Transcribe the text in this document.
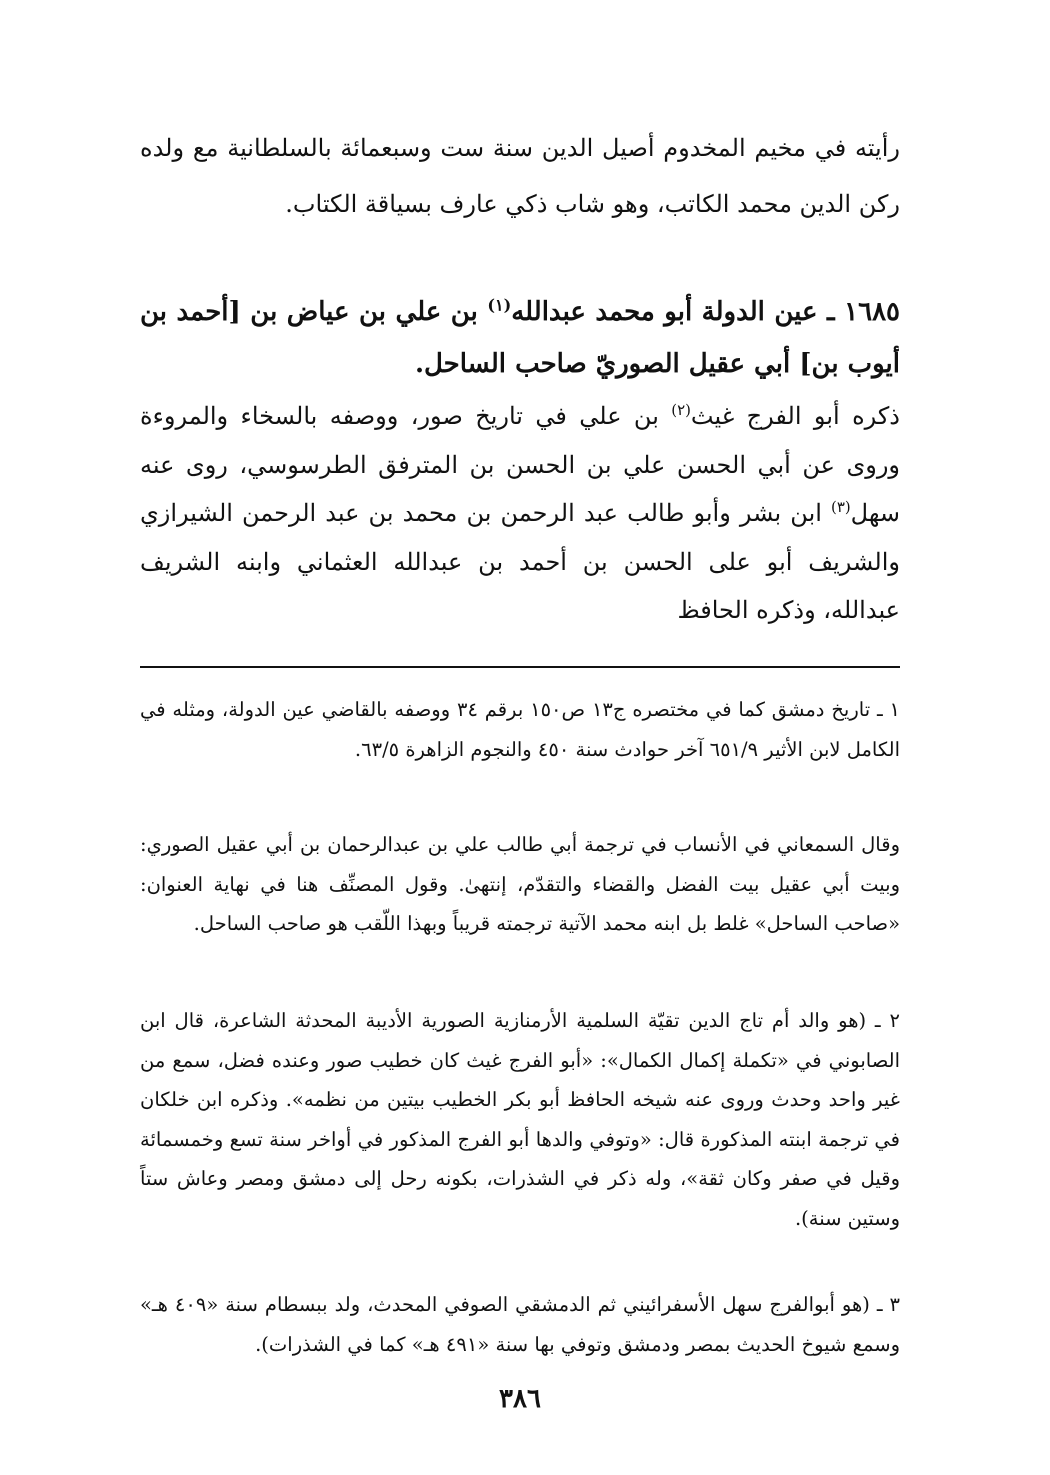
رأيته في مخيم المخدوم أصيل الدين سنة ست وسبعمائة بالسلطانية مع ولده ركن الدين محمد الكاتب، وهو شاب ذكي عارف بسياقة الكتاب.

١٦٨٥ ـ عين الدولة أبو محمد عبدالله$^{(١)}$ بن علي بن عياض بن [أحمد بن أيوب بن] أبي عقيل الصوريّ صاحب الساحل.

ذكره أبو الفرج غيث$^{(٢)}$ بن علي في تاريخ صور، ووصفه بالسخاء والمروءة وروى عن أبي الحسن علي بن الحسن بن المترفق الطرسوسي، روى عنه سهل$^{(٣)}$ ابن بشر وأبو طالب عبد الرحمن بن محمد بن عبد الرحمن الشيرازي والشريف أبو على الحسن بن أحمد بن عبدالله العثماني وابنه الشريف عبدالله، وذكره الحافظ

١ ـ تاريخ دمشق كما في مختصره ج١٣ ص١٥٠ برقم ٣٤ ووصفه بالقاضي عين الدولة، ومثله في الكامل لابن الأثير ٦٥١/٩ آخر حوادث سنة ٤٥٠ والنجوم الزاهرة ٦٣/٥.

وقال السمعاني في الأنساب في ترجمة أبي طالب علي بن عبدالرحمان بن أبي عقيل الصوري: وبيت أبي عقيل بيت الفضل والقضاء والتقدّم، إنتهىٰ. وقول المصنِّف هنا في نهاية العنوان: «صاحب الساحل» غلط بل ابنه محمد الآتية ترجمته قريباً وبهذا اللّقب هو صاحب الساحل.

٢ ـ (هو والد أم تاج الدين تقيّة السلمية الأرمنازية الصورية الأديبة المحدثة الشاعرة، قال ابن الصابوني في «تكملة إكمال الكمال»: «أبو الفرج غيث كان خطيب صور وعنده فضل، سمع من غير واحد وحدث وروى عنه شيخه الحافظ أبو بكر الخطيب بيتين من نظمه». وذكره ابن خلكان في ترجمة ابنته المذكورة قال: «وتوفي والدها أبو الفرج المذكور في أواخر سنة تسع وخمسمائة وقيل في صفر وكان ثقة»، وله ذكر في الشذرات، بكونه رحل إلى دمشق ومصر وعاش ستاً وستين سنة).

٣ ـ (هو أبوالفرج سهل الأسفرائيني ثم الدمشقي الصوفي المحدث، ولد ببسطام سنة «٤٠٩ هـ» وسمع شيوخ الحديث بمصر ودمشق وتوفي بها سنة «٤٩١ هـ» كما في الشذرات).

٣٨٦
